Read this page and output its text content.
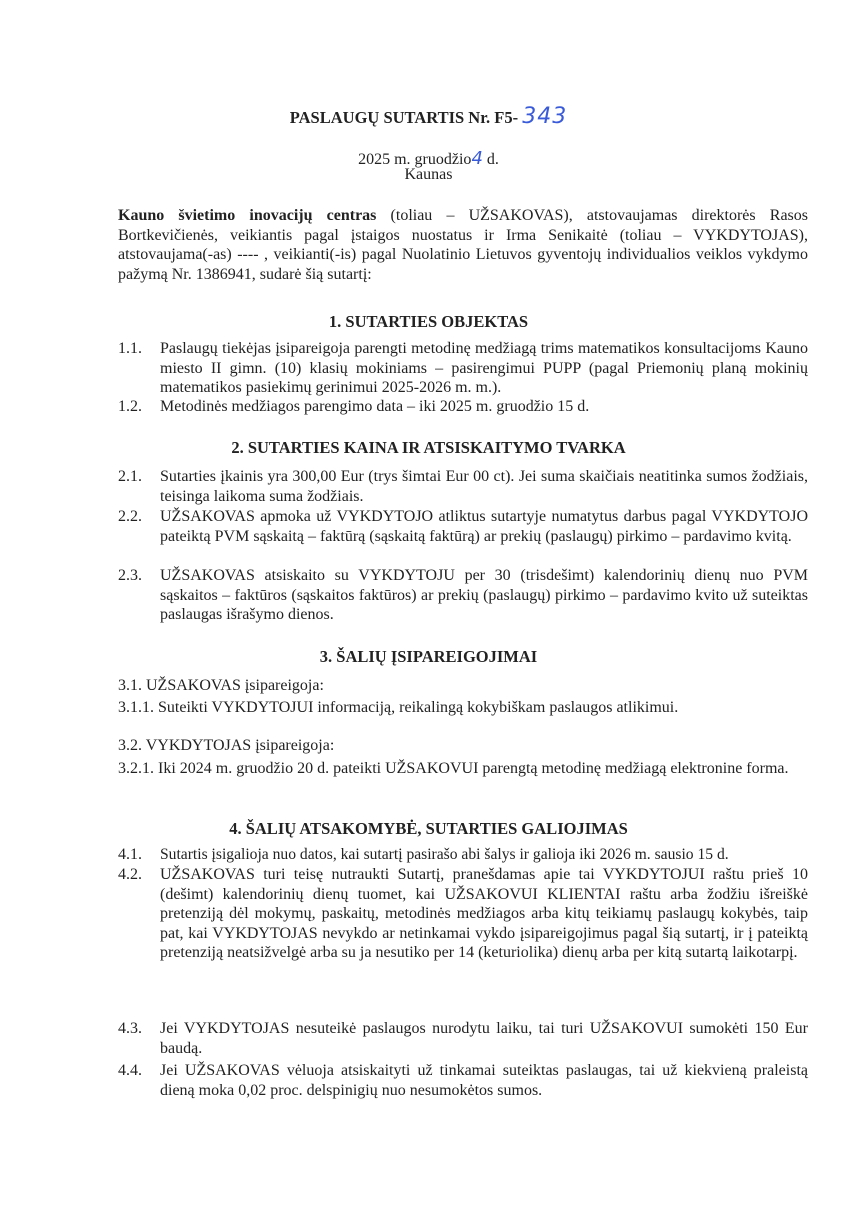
PASLAUGŲ SUTARTIS Nr. F5- 343
2025 m. gruodžio4 d.
Kaunas
Kauno švietimo inovacijų centras (toliau – UŽSAKOVAS), atstovaujamas direktorės Rasos Bortkevičienės, veikiantis pagal įstaigos nuostatus ir Irma Senikaitė (toliau – VYKDYTOJAS), atstovaujama(-as) ---- , veikianti(-is) pagal Nuolatinio Lietuvos gyventojų individualios veiklos vykdymo pažymą Nr. 1386941, sudarė šią sutartį:
1. SUTARTIES OBJEKTAS
1.1.	Paslaugų tiekėjas įsipareigoja parengti metodinę medžiagą trims matematikos konsultacijoms Kauno miesto II gimn. (10) klasių mokiniams – pasirengimui PUPP (pagal Priemonių planą mokinių matematikos pasiekimų gerinimui 2025-2026 m. m.).
1.2.	Metodinės medžiagos parengimo data – iki 2025 m. gruodžio 15 d.
2. SUTARTIES KAINA IR ATSISKAITYMO TVARKA
2.1.	Sutarties įkainis yra 300,00 Eur (trys šimtai Eur 00 ct). Jei suma skaičiais neatitinka sumos žodžiais, teisinga laikoma suma žodžiais.
2.2.	UŽSAKOVAS apmoka už VYKDYTOJO atliktus sutartyje numatytus darbus pagal VYKDYTOJO pateiktą PVM sąskaitą – faktūrą (sąskaitą faktūrą) ar prekių (paslaugų) pirkimo – pardavimo kvitą.
2.3.	UŽSAKOVAS atsiskaito su VYKDYTOJU per 30 (trisdešimt) kalendorinių dienų nuo PVM sąskaitos – faktūros (sąskaitos faktūros) ar prekių (paslaugų) pirkimo – pardavimo kvito už suteiktas paslaugas išrašymo dienos.
3. ŠALIŲ ĮSIPAREIGOJIMAI
3.1. UŽSAKOVAS įsipareigoja:
3.1.1. Suteikti VYKDYTOJUI informaciją, reikalingą kokybiškam paslaugos atlikimui.
3.2. VYKDYTOJAS įsipareigoja:
3.2.1. Iki 2024 m. gruodžio 20 d. pateikti UŽSAKOVUI parengtą metodinę medžiagą elektronine forma.
4. ŠALIŲ ATSAKOMYBĖ, SUTARTIES GALIOJIMAS
4.1.	Sutartis įsigalioja nuo datos, kai sutartį pasirašo abi šalys ir galioja iki 2026 m. sausio 15 d.
4.2.	UŽSAKOVAS turi teisę nutraukti Sutartį, pranešdamas apie tai VYKDYTOJUI raštu prieš 10 (dešimt) kalendorinių dienų tuomet, kai UŽSAKOVUI KLIENTAI raštu arba žodžiu išreiškė pretenziją dėl mokymų, paskaitų, metodinės medžiagos arba kitų teikiamų paslaugų kokybės, taip pat, kai VYKDYTOJAS nevykdo ar netinkamai vykdo įsipareigojimus pagal šią sutartį, ir į pateiktą pretenziją neatsižvelgė arba su ja nesutiko per 14 (keturiolika) dienų arba per kitą sutartą laikotarpį.
4.3.	Jei VYKDYTOJAS nesuteikė paslaugos nurodytu laiku, tai turi UŽSAKOVUI sumokėti 150 Eur baudą.
4.4.	Jei UŽSAKOVAS vėluoja atsiskaityti už tinkamai suteiktas paslaugas, tai už kiekvieną praleistą dieną moka 0,02 proc. delspinigių nuo nesumokėtos sumos.
